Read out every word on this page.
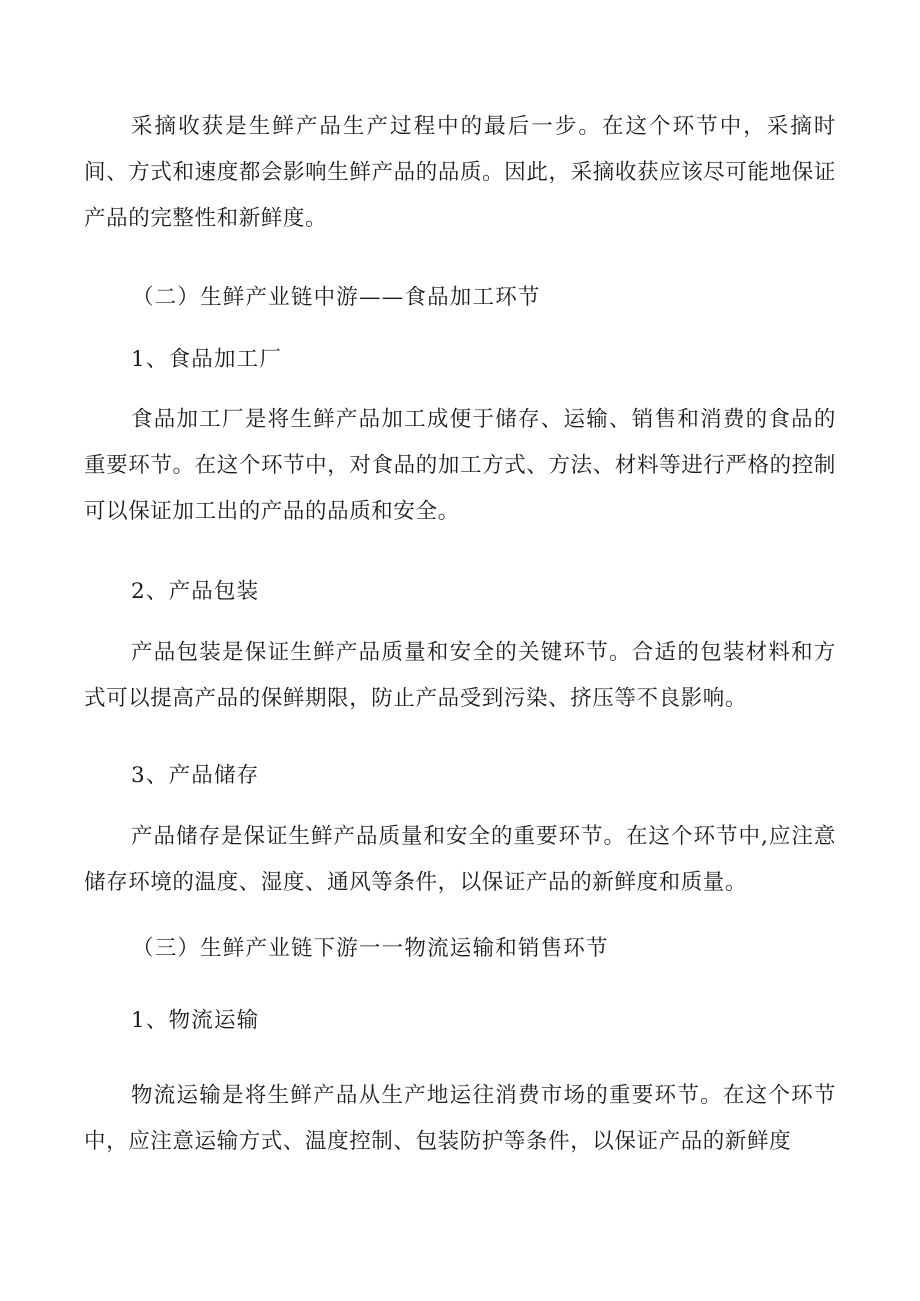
采摘收获是生鲜产品生产过程中的最后一步。在这个环节中，采摘时间、方式和速度都会影响生鲜产品的品质。因此，采摘收获应该尽可能地保证产品的完整性和新鲜度。

（二）生鲜产业链中游——食品加工环节

1、食品加工厂

食品加工厂是将生鲜产品加工成便于储存、运输、销售和消费的食品的重要环节。在这个环节中，对食品的加工方式、方法、材料等进行严格的控制可以保证加工出的产品的品质和安全。

2、产品包装

产品包装是保证生鲜产品质量和安全的关键环节。合适的包装材料和方式可以提高产品的保鲜期限，防止产品受到污染、挤压等不良影响。

3、产品储存

产品储存是保证生鲜产品质量和安全的重要环节。在这个环节中,应注意储存环境的温度、湿度、通风等条件，以保证产品的新鲜度和质量。

（三）生鲜产业链下游一一物流运输和销售环节

1、物流运输

物流运输是将生鲜产品从生产地运往消费市场的重要环节。在这个环节中，应注意运输方式、温度控制、包装防护等条件，以保证产品的新鲜度
